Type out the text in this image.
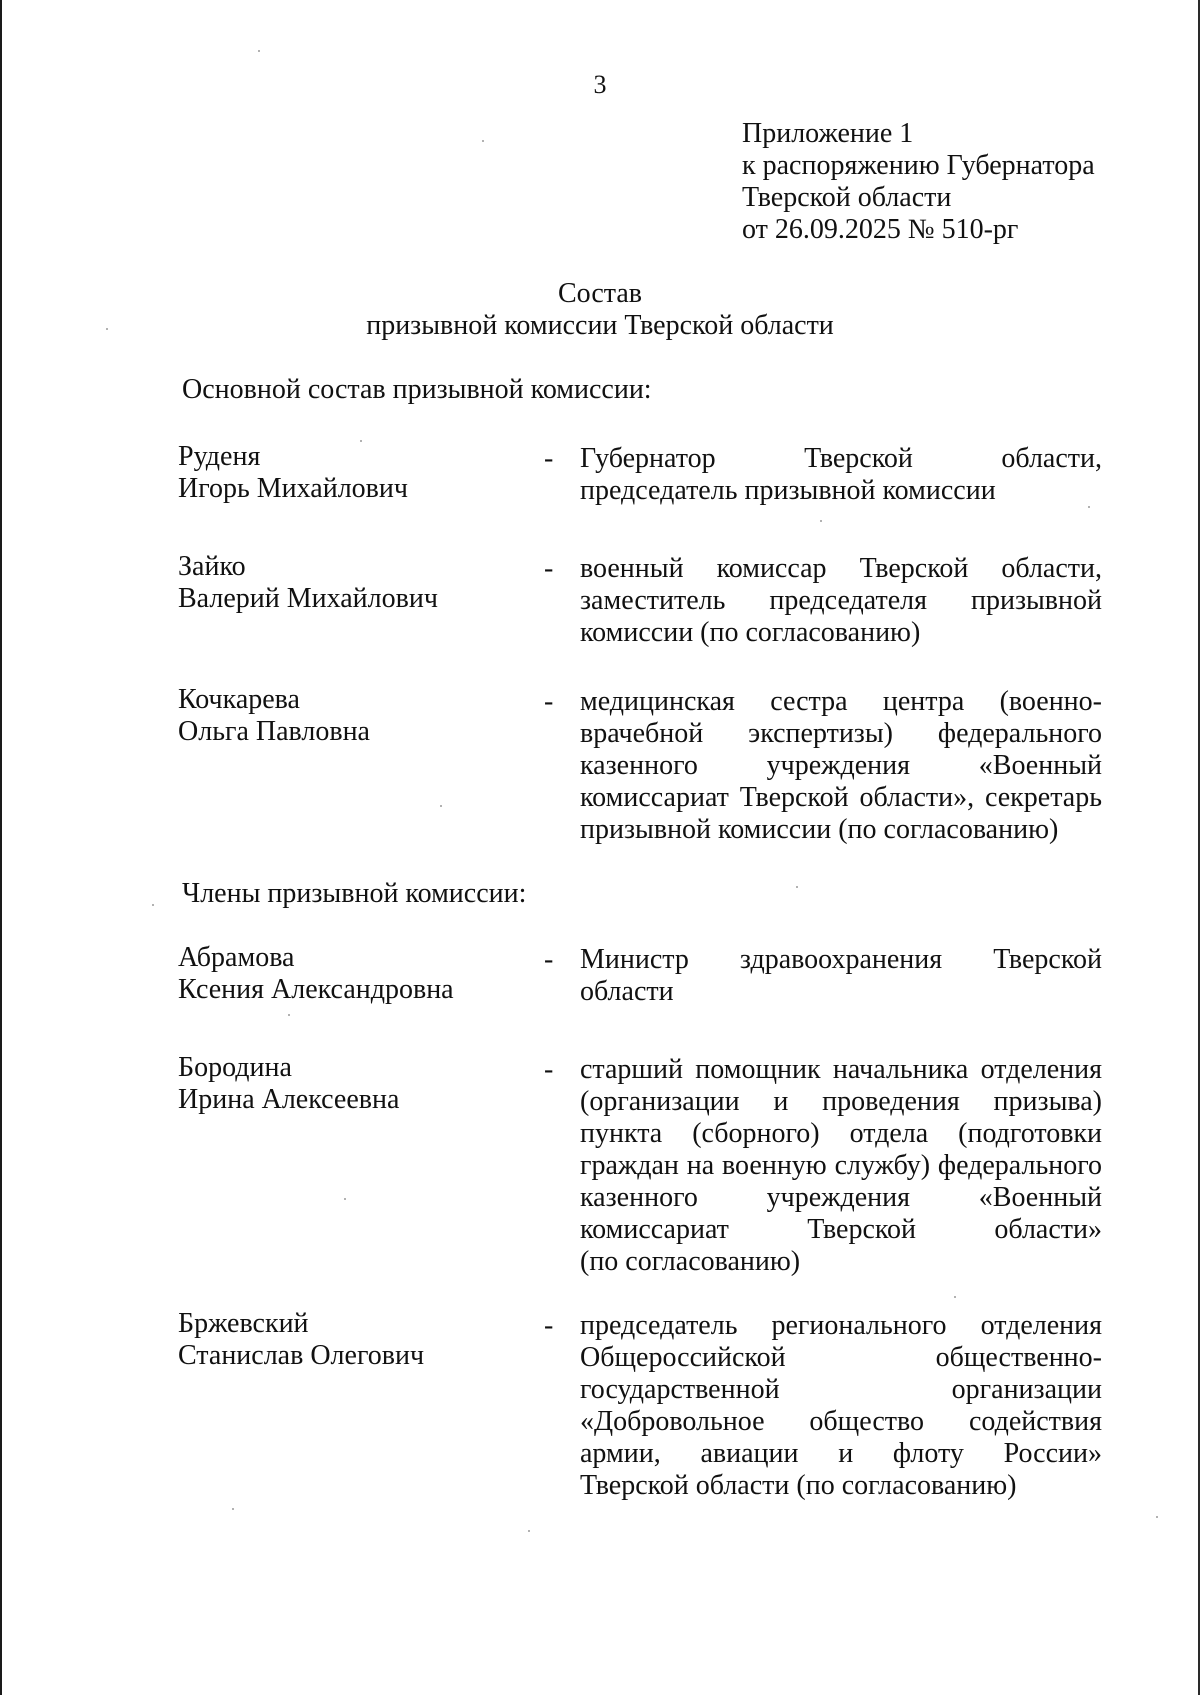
3
Приложение 1
к распоряжению Губернатора
Тверской области
от 26.09.2025 № 510-рг
Состав
призывной комиссии Тверской области
Основной состав призывной комиссии:
Руденя
Игорь Михайлович
- Губернатор Тверской области,
председатель призывной комиссии
Зайко
Валерий Михайлович
- военный комиссар Тверской области,
заместитель председателя призывной
комиссии (по согласованию)
Кочкарева
Ольга Павловна
- медицинская сестра центра (военно-
врачебной экспертизы) федерального
казенного учреждения «Военный
комиссариат Тверской области», секретарь
призывной комиссии (по согласованию)
Члены призывной комиссии:
Абрамова
Ксения Александровна
- Министр здравоохранения Тверской
области
Бородина
Ирина Алексеевна
- старший помощник начальника отделения
(организации и проведения призыва)
пункта (сборного) отдела (подготовки
граждан на военную службу) федерального
казенного учреждения «Военный
комиссариат Тверской области»
(по согласованию)
Бржевский
Станислав Олегович
- председатель регионального отделения
Общероссийской общественно-
государственной организации
«Добровольное общество содействия
армии, авиации и флоту России»
Тверской области (по согласованию)
